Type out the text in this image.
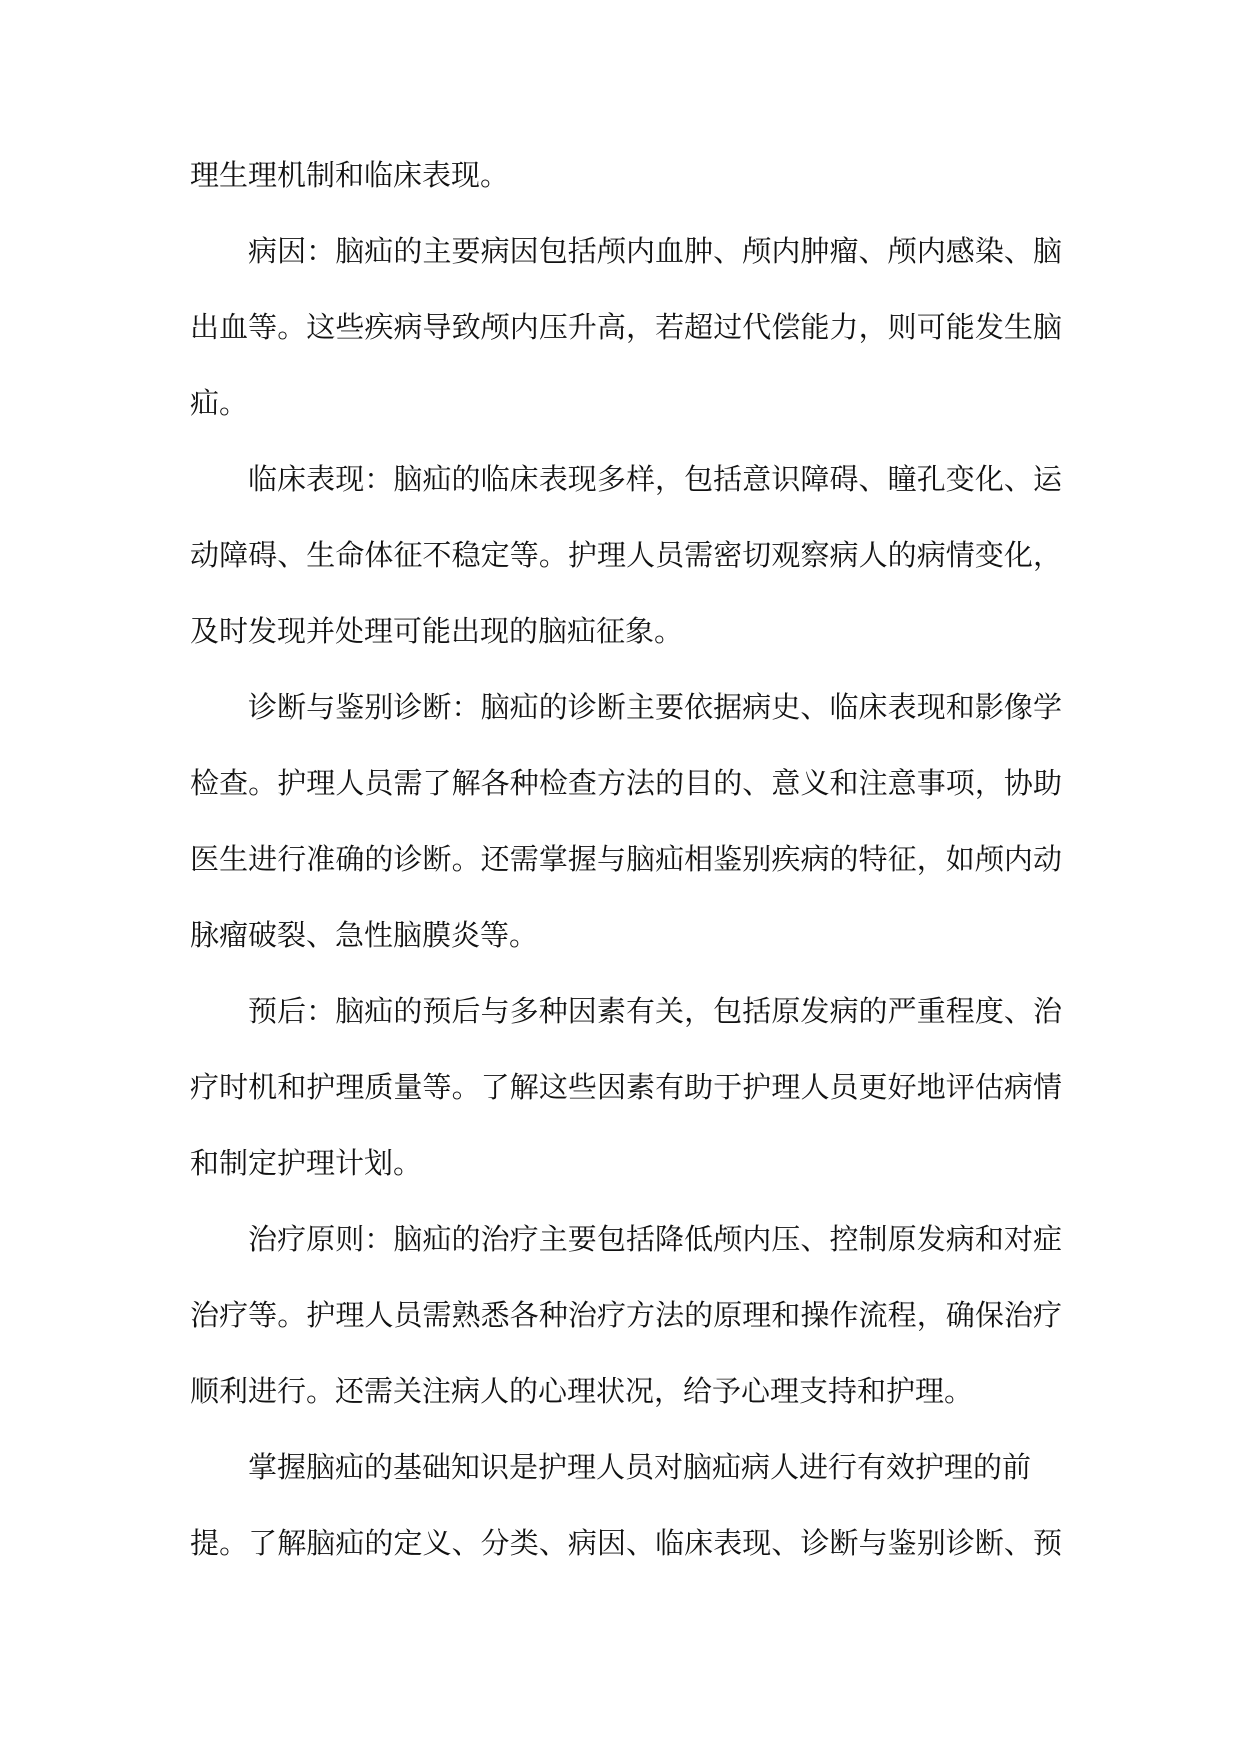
理生理机制和临床表现。
病因：脑疝的主要病因包括颅内血肿、颅内肿瘤、颅内感染、脑
出血等。这些疾病导致颅内压升高，若超过代偿能力，则可能发生脑
疝。
临床表现：脑疝的临床表现多样，包括意识障碍、瞳孔变化、运
动障碍、生命体征不稳定等。护理人员需密切观察病人的病情变化，
及时发现并处理可能出现的脑疝征象。
诊断与鉴别诊断：脑疝的诊断主要依据病史、临床表现和影像学
检查。护理人员需了解各种检查方法的目的、意义和注意事项，协助
医生进行准确的诊断。还需掌握与脑疝相鉴别疾病的特征，如颅内动
脉瘤破裂、急性脑膜炎等。
预后：脑疝的预后与多种因素有关，包括原发病的严重程度、治
疗时机和护理质量等。了解这些因素有助于护理人员更好地评估病情
和制定护理计划。
治疗原则：脑疝的治疗主要包括降低颅内压、控制原发病和对症
治疗等。护理人员需熟悉各种治疗方法的原理和操作流程，确保治疗
顺利进行。还需关注病人的心理状况，给予心理支持和护理。
掌握脑疝的基础知识是护理人员对脑疝病人进行有效护理的前
提。了解脑疝的定义、分类、病因、临床表现、诊断与鉴别诊断、预
